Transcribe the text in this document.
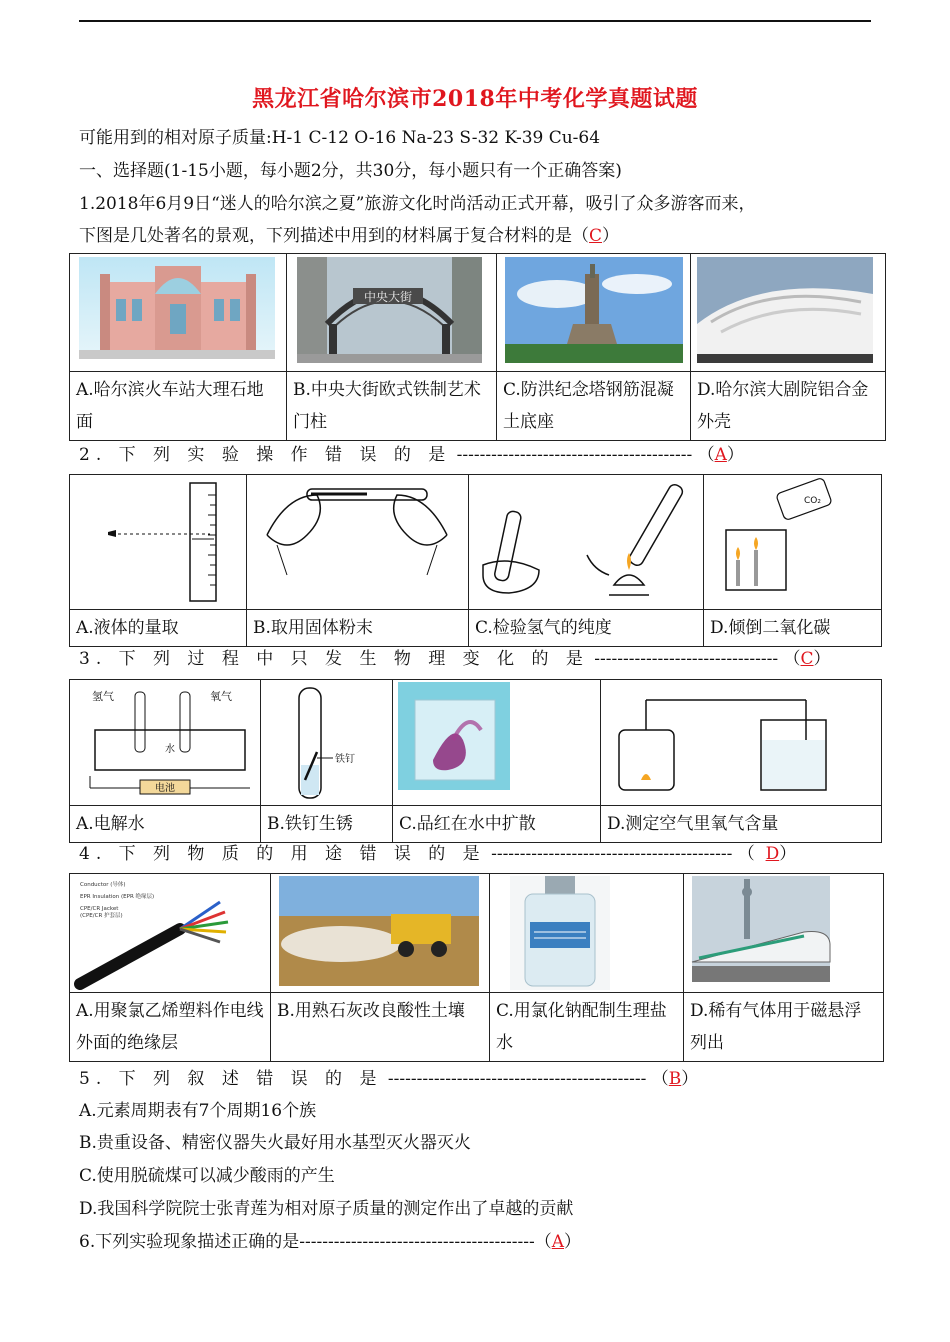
黑龙江省哈尔滨市2018年中考化学真题试题
可能用到的相对原子质量:H-1 C-12 O-16 Na-23 S-32 K-39 Cu-64
一、选择题(1-15小题，每小题2分，共30分，每小题只有一个正确答案)
1.2018年6月9日“迷人的哈尔滨之夏”旅游文化时尚活动正式开幕，吸引了众多游客而来，
下图是几处著名的景观，下列描述中用到的材料属于复合材料的是（C）

中央大街

A.哈尔滨火车站大理石地面	B.中央大街欧式铁制艺术门柱	C.防洪纪念塔钢筋混凝土底座	D.哈尔滨大剧院铝合金外壳
2. 下 列 实 验 操 作 错 误 的 是 ----------------------------------------- （A）

CO₂

A.液体的量取	B.取用固体粉末	C.检验氢气的纯度	D.倾倒二氧化碳
3. 下 列 过 程 中 只 发 生 物 理 变 化 的 是 -------------------------------- （C）
氢气 氧气
水
电池	铁钉

A.电解水	B.铁钉生锈	C.品红在水中扩散	D.测定空气里氧气含量
4. 下 列 物 质 的 用 途 错 误 的 是 ------------------------------------------ （ D）
Conductor (导体)
EPR Insulation (EPR 绝缘层)
CPE/CR Jacket
(CPE/CR 护套层)

A.用聚氯乙烯塑料作电线外面的绝缘层	B.用熟石灰改良酸性土壤	C.用氯化钠配制生理盐水	D.稀有气体用于磁悬浮列出
5. 下 列 叙 述 错 误 的 是 --------------------------------------------- （B）
A.元素周期表有7个周期16个族
B.贵重设备、精密仪器失火最好用水基型灭火器灭火
C.使用脱硫煤可以减少酸雨的产生
D.我国科学院院士张青莲为相对原子质量的测定作出了卓越的贡献
6.下列实验现象描述正确的是-----------------------------------------（A）
